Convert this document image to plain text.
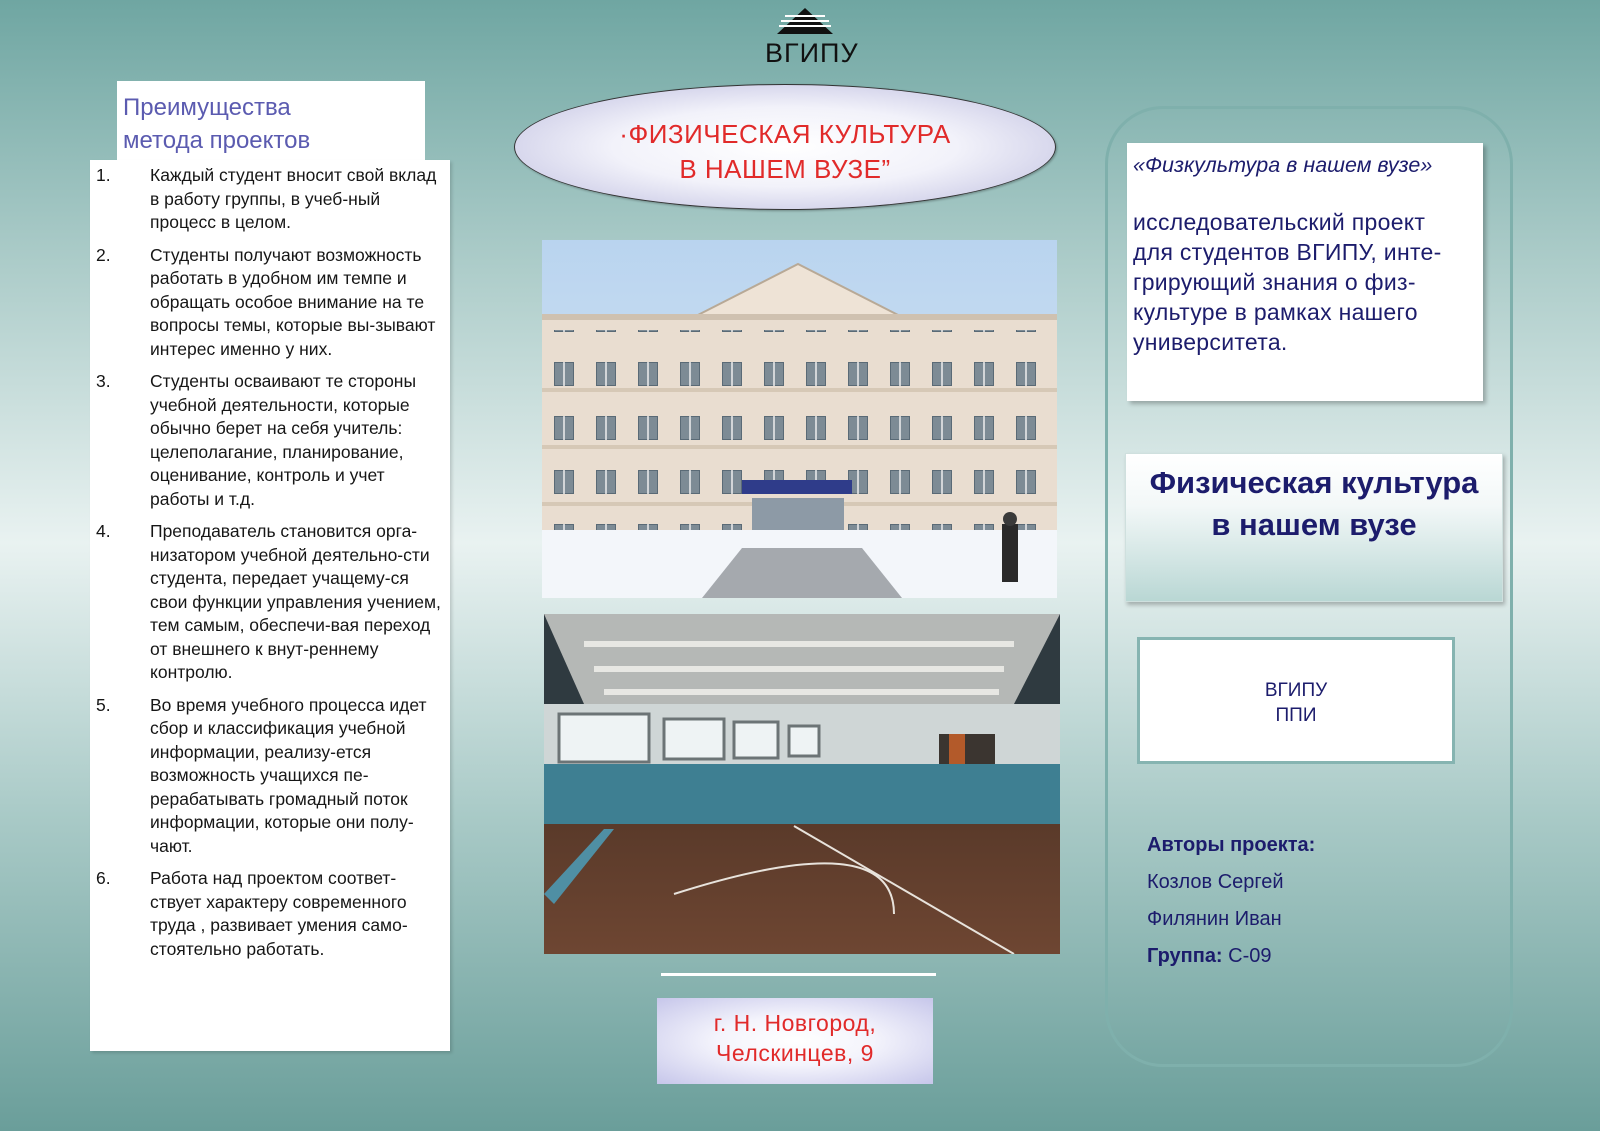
ВГИПУ
Преимущества
метода проектов
1. Каждый студент вносит свой вклад в работу группы, в учеб-ный процесс в целом.
2. Студенты получают возможность работать в удобном им темпе и обращать особое внимание на те вопросы темы, которые вы-зывают интерес именно у них.
3. Студенты осваивают те стороны учебной деятельности, которые обычно берет на себя учитель: целеполагание, планирование, оценивание, контроль и учет работы и т.д.
4. Преподаватель становится орга-низатором учебной деятельно-сти студента, передает учащему-ся свои функции управления учением, тем самым, обеспечи-вая переход от внешнего к внут-реннему контролю.
5. Во время учебного процесса идет сбор и классификация учебной информации, реализу-ется возможность учащихся пе-рерабатывать громадный поток информации, которые они полу-чают.
6. Работа над проектом соответ-ствует характеру современного труда , развивает умения само-стоятельно работать.
·ФИЗИЧЕСКАЯ КУЛЬТУРА
В НАШЕМ ВУЗЕ”
г. Н. Новгород,
Челскинцев, 9
«Физкультура в нашем вузе»
исследовательский проект
для студентов ВГИПУ, инте-
грирующий знания о физ-
культуре в рамках нашего
университета.
Физическая культура
в нашем вузе
ВГИПУ
ППИ
Авторы проекта:
Козлов Сергей
Филянин Иван
Группа: С-09
